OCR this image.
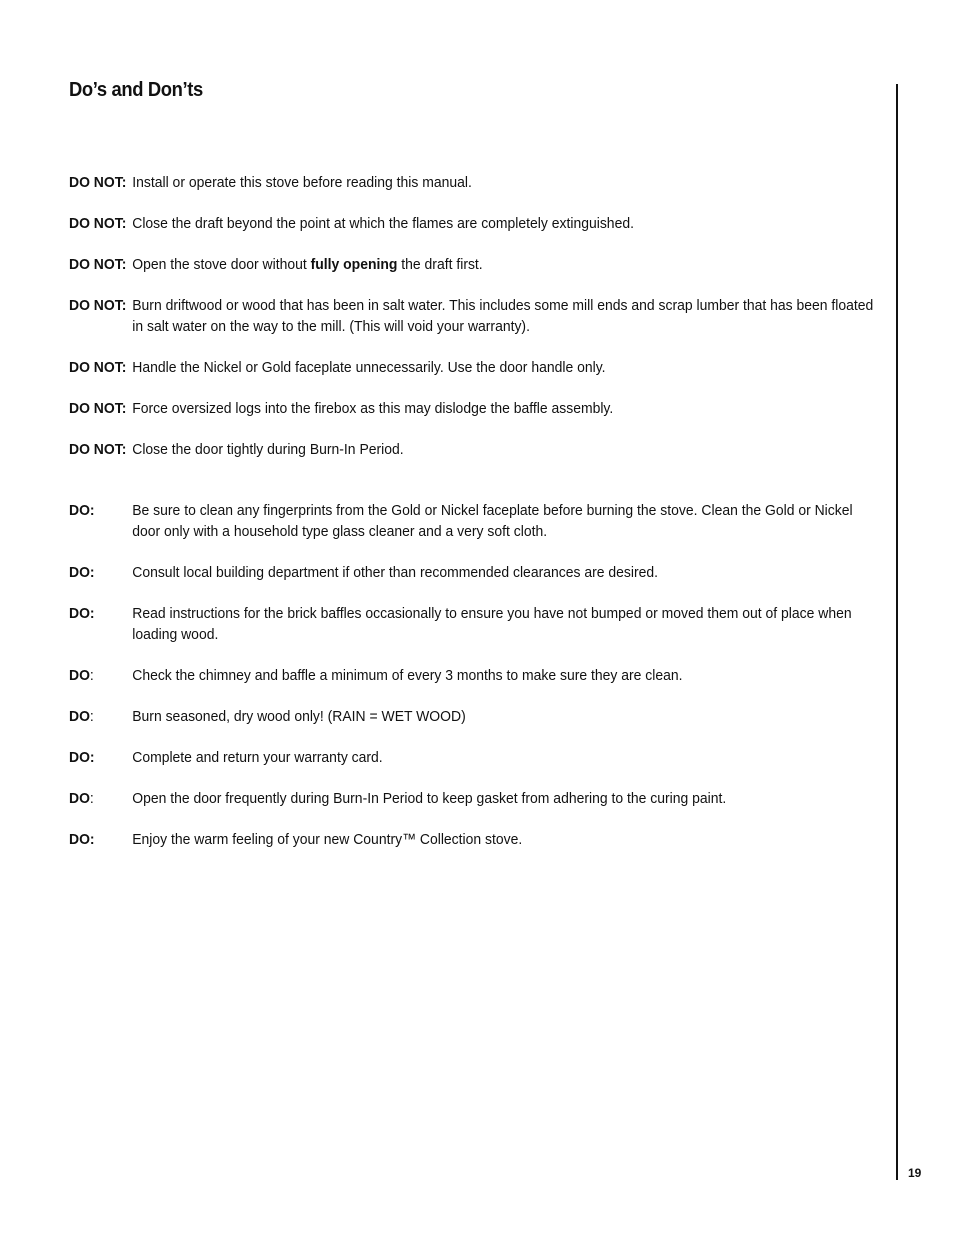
Do’s and Don’ts
19
DO NOT: Install or operate this stove before reading this manual.
DO NOT: Close the draft beyond the point at which the flames are completely extinguished.
DO NOT: Open the stove door without fully opening the draft first.
DO NOT: Burn driftwood or wood that has been in salt water. This includes some mill ends and scrap lumber that has been floated in salt water on the way to the mill. (This will void your warranty).
DO NOT: Handle the Nickel or Gold faceplate unnecessarily. Use the door handle only.
DO NOT: Force oversized logs into the firebox as this may dislodge the baffle assembly.
DO NOT: Close the door tightly during Burn-In Period.
DO:	Be sure to clean any fingerprints from the Gold or Nickel faceplate before burning the stove. Clean the Gold or Nickel door only with a household type glass cleaner and a very soft cloth.
DO:	Consult local building department if other than recommended clearances are desired.
DO:	Read instructions for the brick baffles occasionally to ensure you have not bumped or moved them out of place when loading wood.
DO:	Check the chimney and baffle a minimum of every 3 months to make sure they are clean.
DO:	Burn seasoned, dry wood only! (RAIN = WET WOOD)
DO:	Complete and return your warranty card.
DO:	Open the door frequently during Burn-In Period to keep gasket from adhering to the curing paint.
DO:	Enjoy the warm feeling of your new Country™ Collection stove.
